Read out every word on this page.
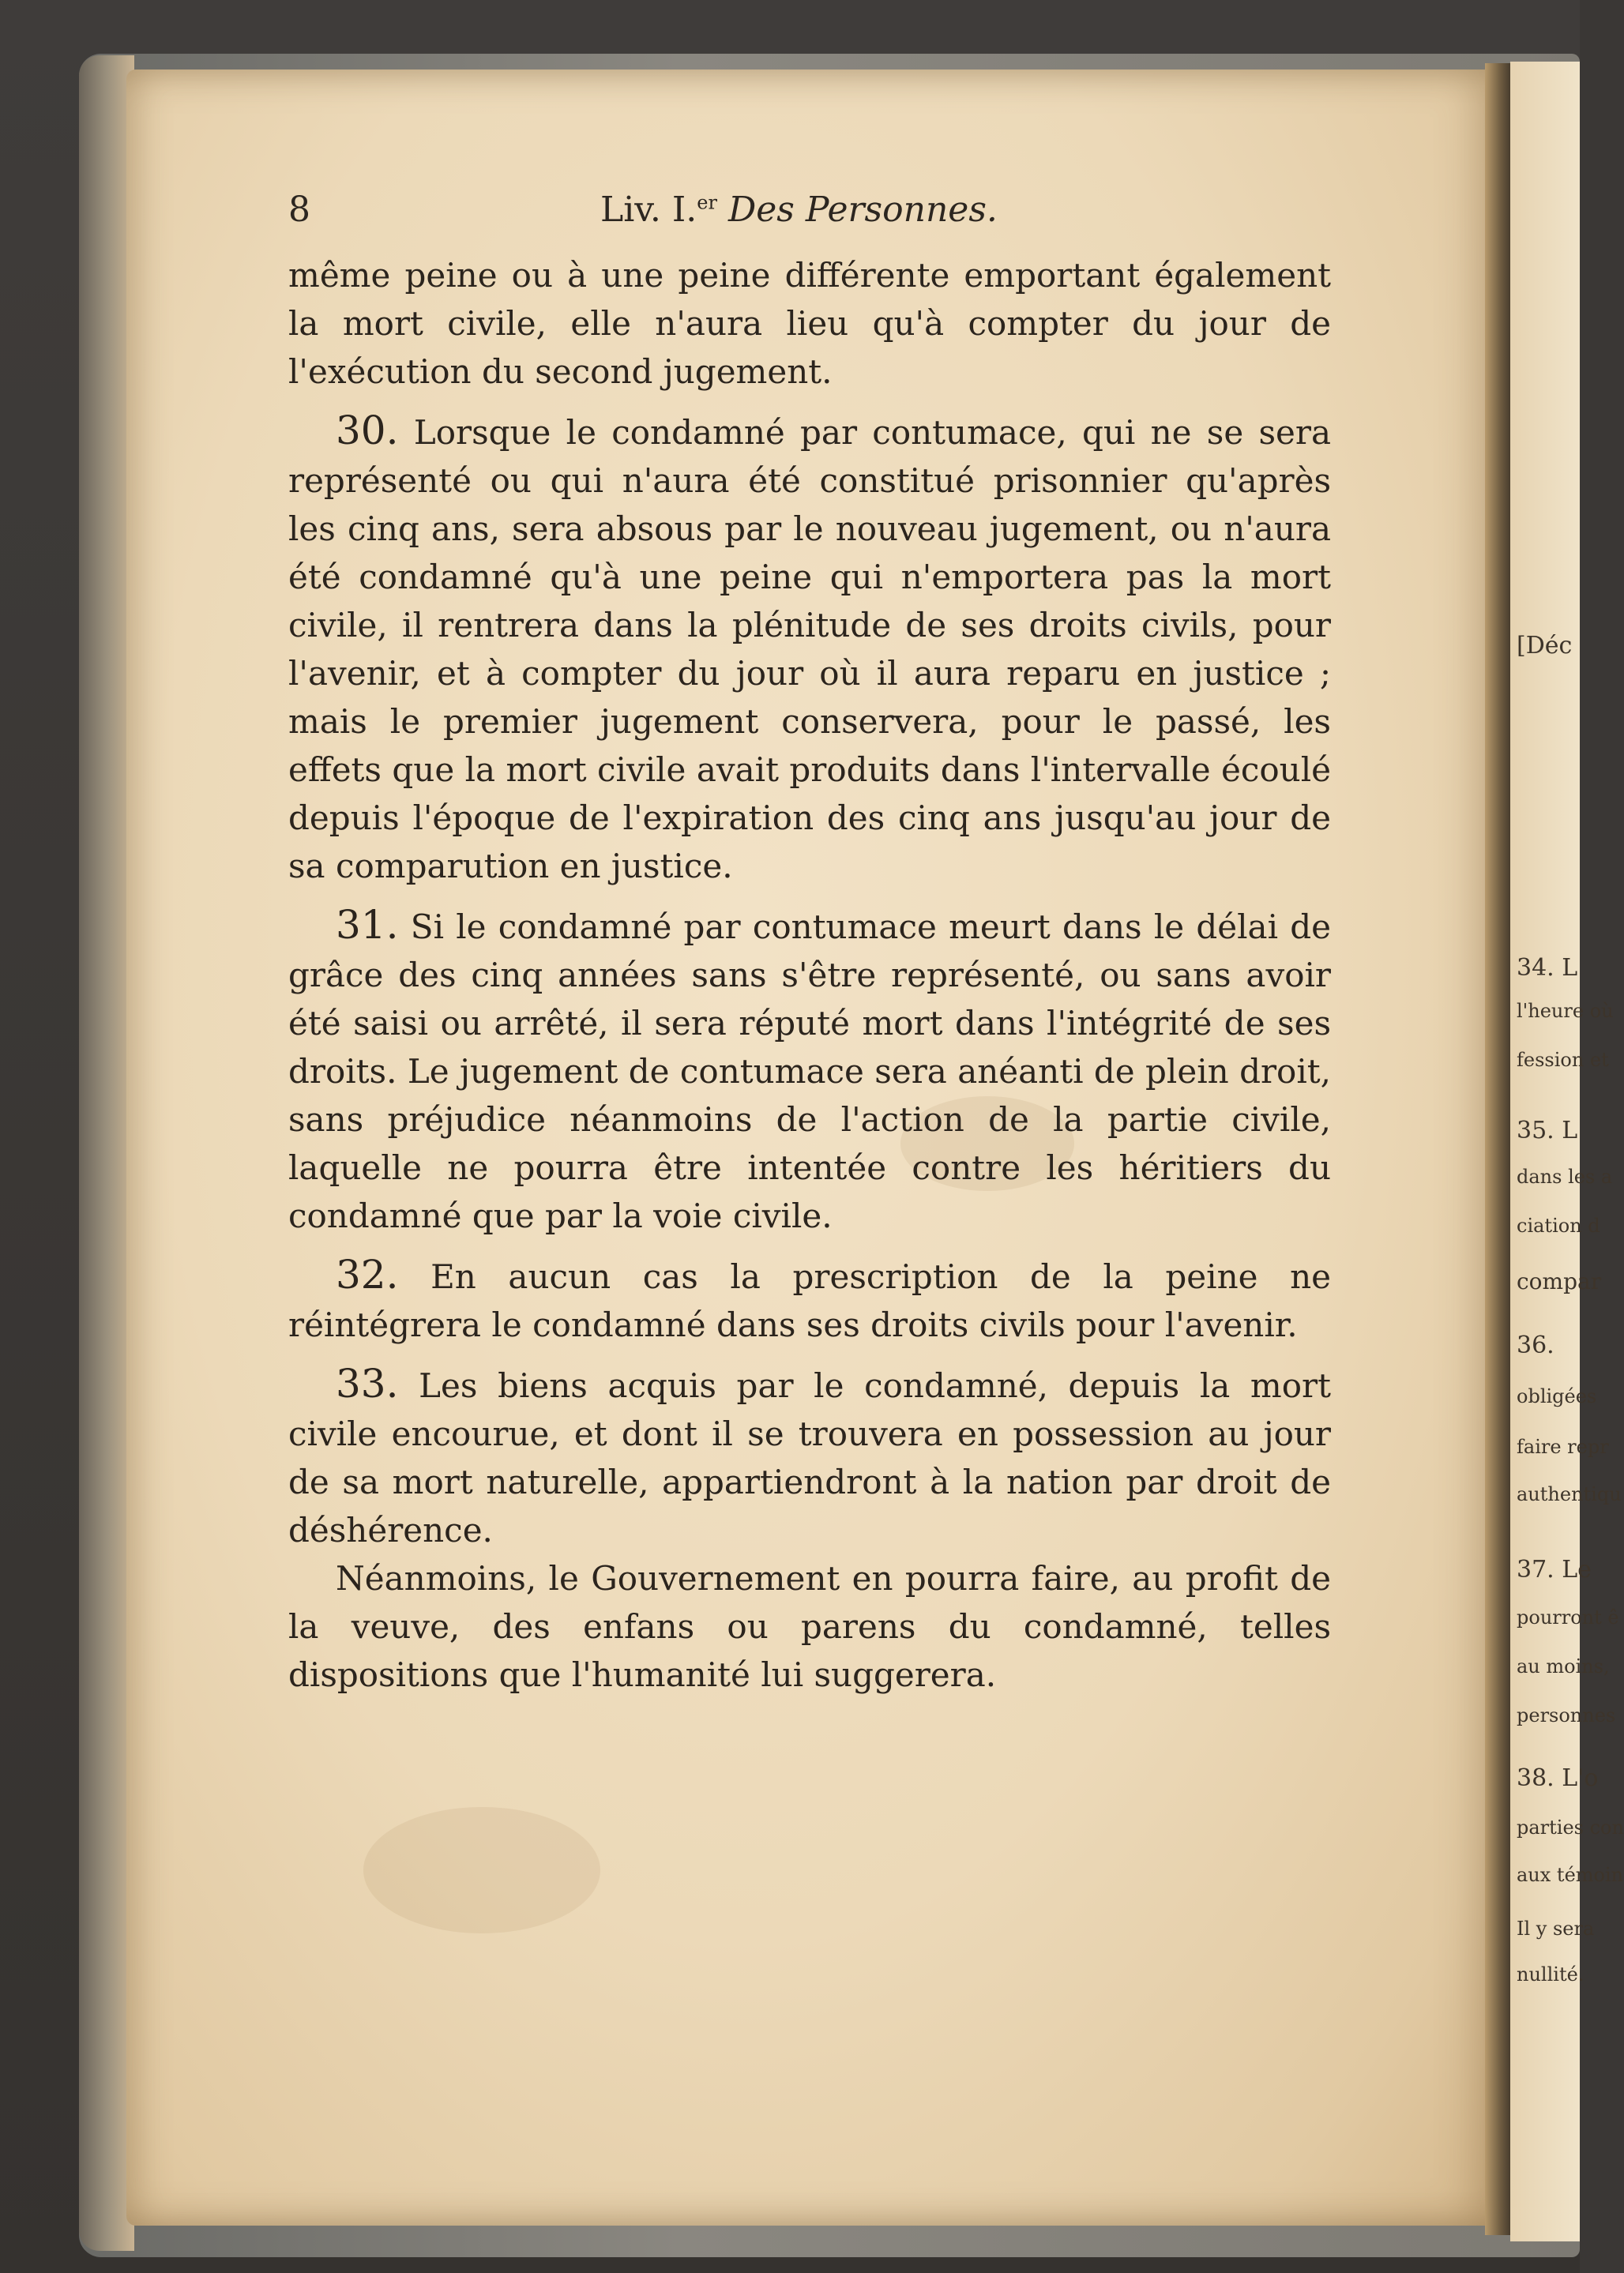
[Déc
34. L
l'heure où
fession et
35. L
dans les a
ciation d
compar
36.
obligées
faire repr
authentiqu
37. Le
pourront ê
au moins,
personnes
38. L'o
parties con
aux témoin
Il y sera
nullité.
8	Liv. I.$^{er}$ Des Personnes.

même peine ou à une peine différente emportant également la mort civile, elle n'aura lieu qu'à compter du jour de l'exécution du second jugement.

30. Lorsque le condamné par contumace, qui ne se sera représenté ou qui n'aura été constitué prisonnier qu'après les cinq ans, sera absous par le nouveau jugement, ou n'aura été condamné qu'à une peine qui n'emportera pas la mort civile, il rentrera dans la plénitude de ses droits civils, pour l'avenir, et à compter du jour où il aura reparu en justice ; mais le premier jugement conservera, pour le passé, les effets que la mort civile avait produits dans l'intervalle écoulé depuis l'époque de l'expiration des cinq ans jusqu'au jour de sa comparution en justice.

31. Si le condamné par contumace meurt dans le délai de grâce des cinq années sans s'être représenté, ou sans avoir été saisi ou arrêté, il sera réputé mort dans l'intégrité de ses droits. Le jugement de contumace sera anéanti de plein droit, sans préjudice néanmoins de l'action de la partie civile, laquelle ne pourra être intentée contre les héritiers du condamné que par la voie civile.

32. En aucun cas la prescription de la peine ne réintégrera le condamné dans ses droits civils pour l'avenir.

33. Les biens acquis par le condamné, depuis la mort civile encourue, et dont il se trouvera en possession au jour de sa mort naturelle, appartiendront à la nation par droit de déshérence.

Néanmoins, le Gouvernement en pourra faire, au profit de la veuve, des enfans ou parens du condamné, telles dispositions que l'humanité lui suggerera.
